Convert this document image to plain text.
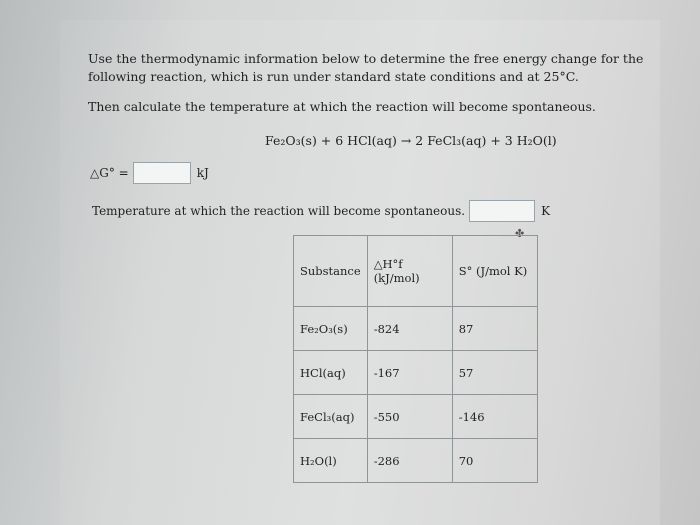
Use the thermodynamic information below to determine the free energy change for the
following reaction, which is run under standard state conditions and at 25°C.
Then calculate the temperature at which the reaction will become spontaneous.
Fe₂O₃(s) + 6 HCl(aq) → 2 FeCl₃(aq) + 3 H₂O(l)
△G° =	kJ
Temperature at which the reaction will become spontaneous.	K
✤
Substance	△H°f (kJ/mol)	S° (J/mol K)
Fe₂O₃(s)	-824	87
HCl(aq)	-167	57
FeCl₃(aq)	-550	-146
H₂O(l)	-286	70
